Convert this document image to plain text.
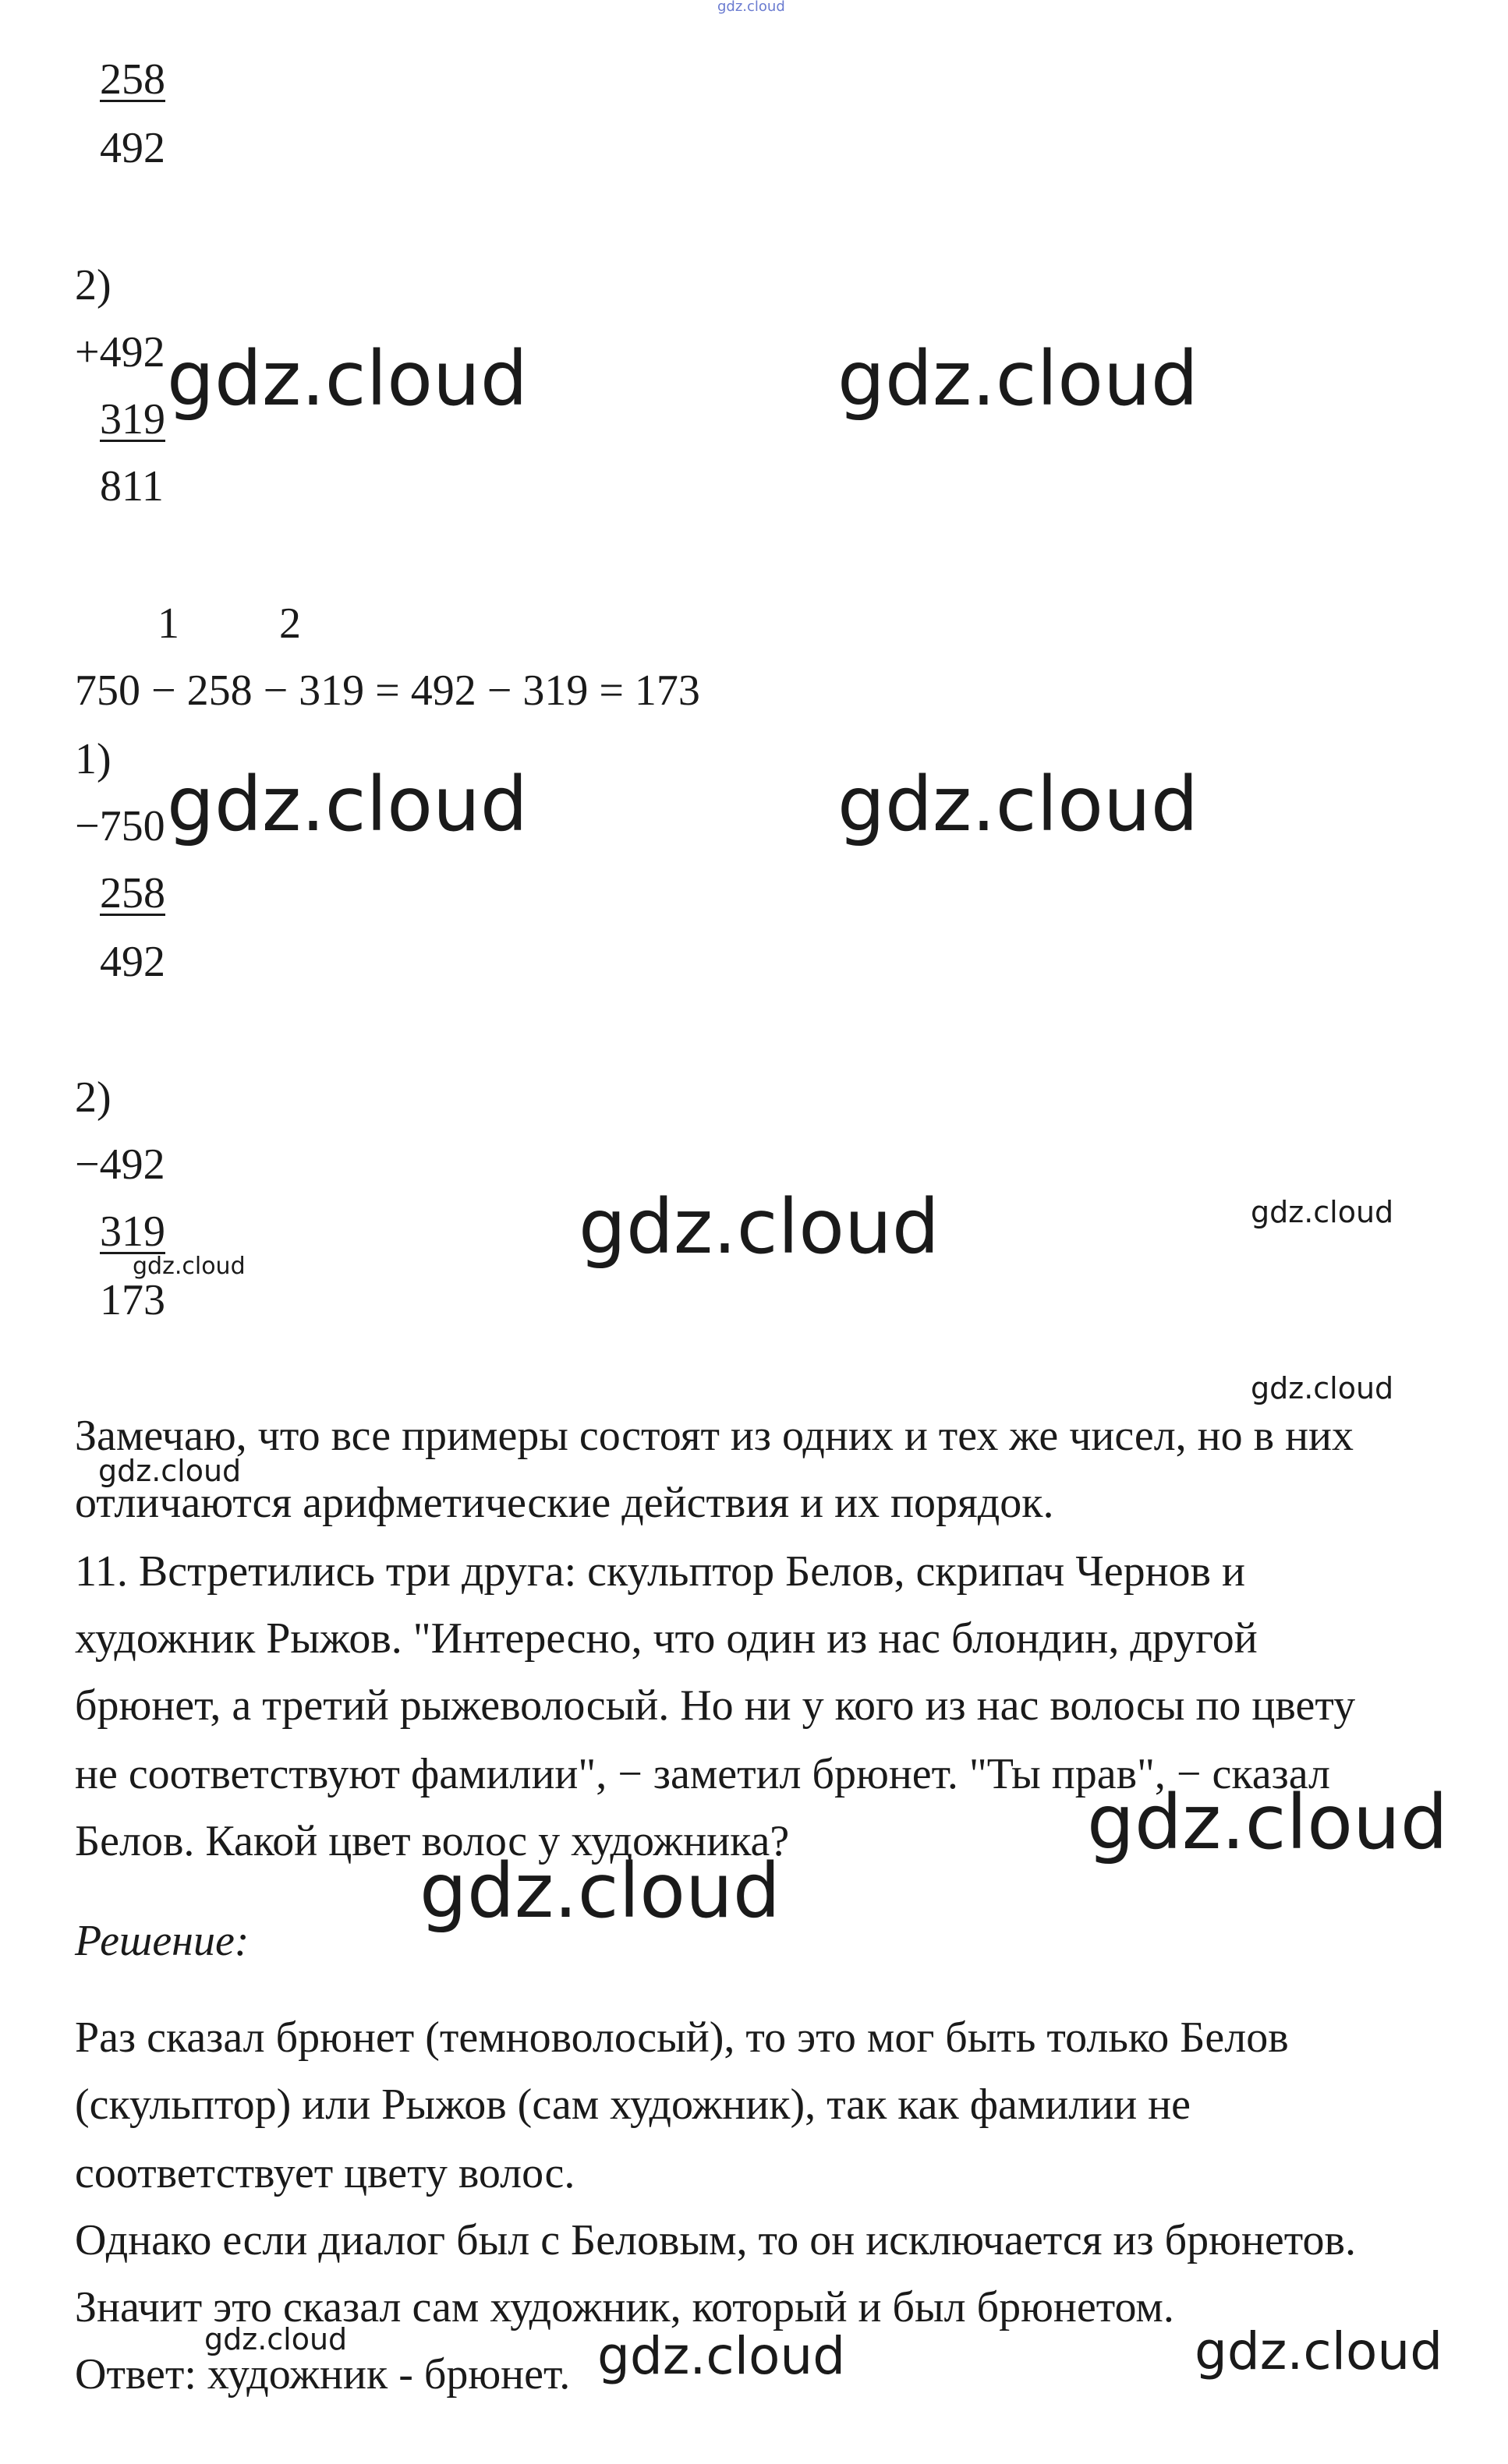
gdz.cloud
258
492
2)
+492
319
811
1 2
750 − 258 − 319 = 492 − 319 = 173
1)
−750
258
492
2)
−492
319
173
Замечаю, что все примеры состоят из одних и тех же чисел, но в них
отличаются арифметические действия и их порядок.
11. Встретились три друга: скульптор Белов, скрипач Чернов и
художник Рыжов. "Интересно, что один из нас блондин, другой
брюнет, а третий рыжеволосый. Но ни у кого из нас волосы по цвету
не соответствуют фамилии", − заметил брюнет. "Ты прав", − сказал
Белов. Какой цвет волос у художника?
Решение:
Раз сказал брюнет (темноволосый), то это мог быть только Белов
(скульптор) или Рыжов (сам художник), так как фамилии не
соответствует цвету волос.
Однако если диалог был с Беловым, то он исключается из брюнетов.
Значит это сказал сам художник, который и был брюнетом.
Ответ: художник - брюнет.
gdz.cloud	gdz.cloud
gdz.cloud	gdz.cloud
gdz.cloud	gdz.cloud
gdz.cloud
gdz.cloud
gdz.cloud
gdz.cloud
gdz.cloud
gdz.cloud	gdz.cloud	gdz.cloud
